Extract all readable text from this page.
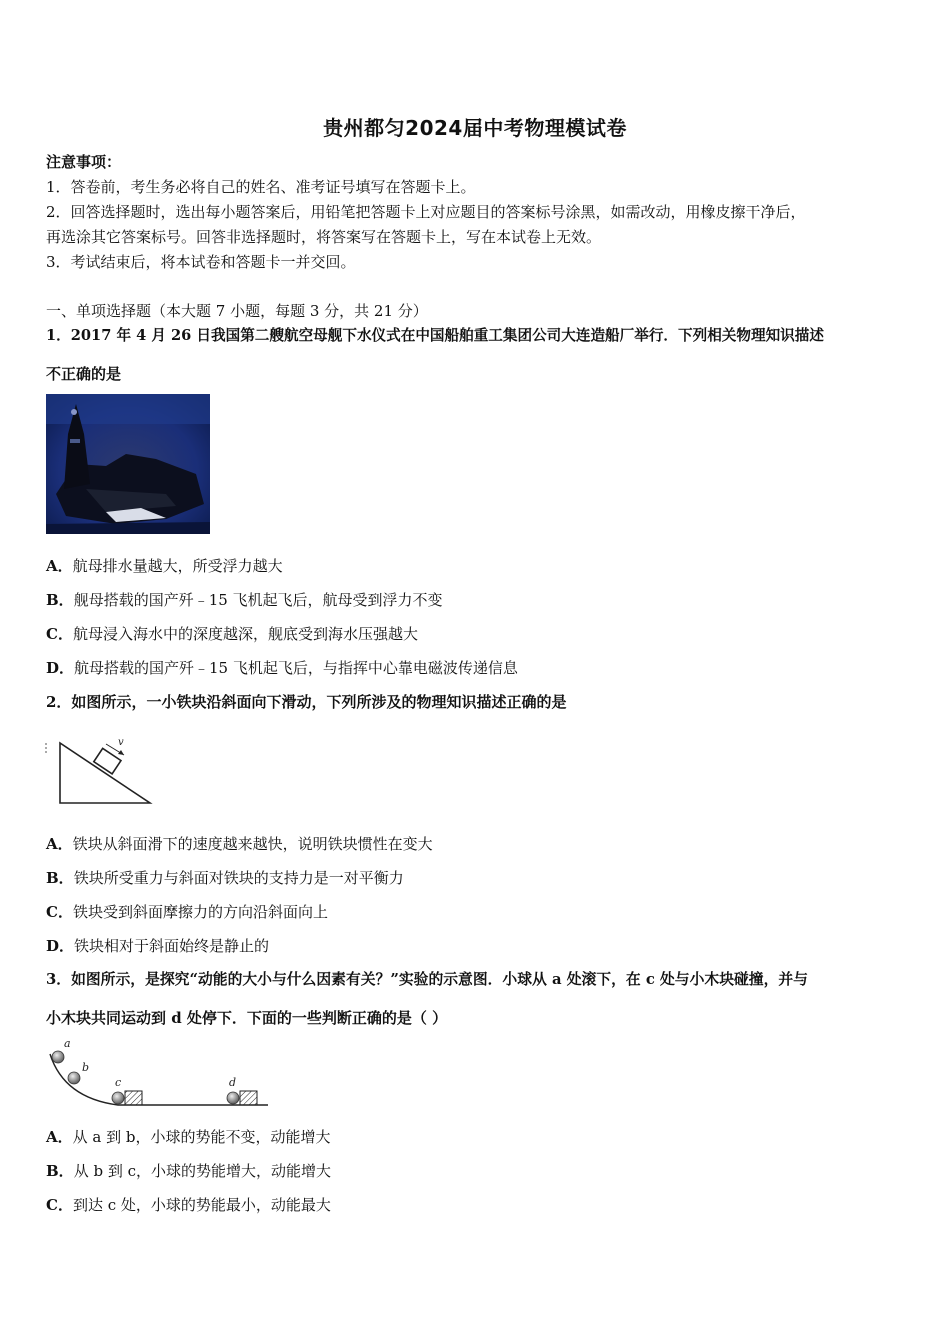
贵州都匀2024届中考物理模试卷
注意事项：
1．答卷前，考生务必将自己的姓名、准考证号填写在答题卡上。
2．回答选择题时，选出每小题答案后，用铅笔把答题卡上对应题目的答案标号涂黑，如需改动，用橡皮擦干净后，
再选涂其它答案标号。回答非选择题时，将答案写在答题卡上，写在本试卷上无效。
3．考试结束后，将本试卷和答题卡一并交回。
一、单项选择题（本大题 7 小题，每题 3 分，共 21 分）
1．2017 年 4 月 26 日我国第二艘航空母舰下水仪式在中国船舶重工集团公司大连造船厂举行．下列相关物理知识描述
不正确的是
A．航母排水量越大，所受浮力越大
B．舰母搭载的国产歼﹣15 飞机起飞后，航母受到浮力不变
C．航母浸入海水中的深度越深，舰底受到海水压强越大
D．航母搭载的国产歼﹣15 飞机起飞后，与指挥中心靠电磁波传递信息
2．如图所示，一小铁块沿斜面向下滑动，下列所涉及的物理知识描述正确的是
v
A．铁块从斜面滑下的速度越来越快，说明铁块惯性在变大
B．铁块所受重力与斜面对铁块的支持力是一对平衡力
C．铁块受到斜面摩擦力的方向沿斜面向上
D．铁块相对于斜面始终是静止的
3．如图所示，是探究“动能的大小与什么因素有关？”实验的示意图．小球从 a 处滚下，在 c 处与小木块碰撞，并与
小木块共同运动到 d 处停下．下面的一些判断正确的是（ ）
a
b
c	d
A．从 a 到 b，小球的势能不变，动能增大
B．从 b 到 c，小球的势能增大，动能增大
C．到达 c 处，小球的势能最小，动能最大
